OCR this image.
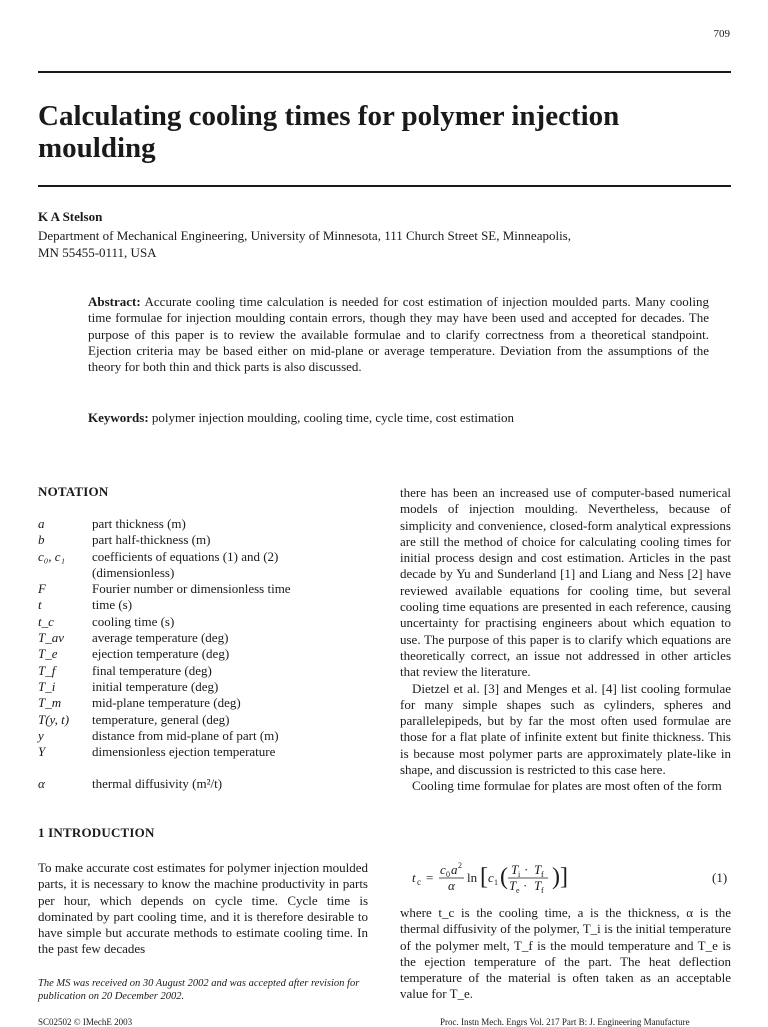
709
Calculating cooling times for polymer injection moulding
K A Stelson
Department of Mechanical Engineering, University of Minnesota, 111 Church Street SE, Minneapolis,
MN 55455-0111, USA
Abstract: Accurate cooling time calculation is needed for cost estimation of injection moulded parts. Many cooling time formulae for injection moulding contain errors, though they may have been used and accepted for decades. The purpose of this paper is to review the available formulae and to clarify correctness from a theoretical standpoint. Ejection criteria may be based either on mid-plane or average temperature. Deviation from the assumptions of the theory for both thin and thick parts is also discussed.
Keywords: polymer injection moulding, cooling time, cycle time, cost estimation
NOTATION
a	part thickness (m)
b	part half-thickness (m)
c₀, c₁	coefficients of equations (1) and (2)
(dimensionless)
F	Fourier number or dimensionless time
t	time (s)
t_c	cooling time (s)
T_av	average temperature (deg)
T_e	ejection temperature (deg)
T_f	final temperature (deg)
T_i	initial temperature (deg)
T_m	mid-plane temperature (deg)
T(y, t)	temperature, general (deg)
y	distance from mid-plane of part (m)
Y	dimensionless ejection temperature
α	thermal diffusivity (m²/t)
1 INTRODUCTION
To make accurate cost estimates for polymer injection moulded parts, it is necessary to know the machine productivity in parts per hour, which depends on cycle time. Cycle time is dominated by part cooling time, and it is therefore desirable to have simple but accurate methods to estimate cooling time. In the past few decades
The MS was received on 30 August 2002 and was accepted after revision for publication on 20 December 2002.

there has been an increased use of computer-based numerical models of injection moulding. Nevertheless, because of simplicity and convenience, closed-form analytical expressions are still the method of choice for calculating cooling times for initial process design and cost estimation. Articles in the past decade by Yu and Sunderland [1] and Liang and Ness [2] have reviewed available equations for cooling time, but several cooling time equations are presented in each reference, causing uncertainty for practising engineers about which equation to use. The purpose of this paper is to clarify which equations are theoretically correct, an issue not addressed in other articles that review the literature.

Dietzel et al. [3] and Menges et al. [4] list cooling formulae for many simple shapes such as cylinders, spheres and parallelepipeds, but by far the most often used formulae are those for a flat plate of infinite extent but finite thickness. This is because most polymer parts are approximately plate-like in shape, and discussion is restricted to this case here.

Cooling time formulae for plates are most often of the form

t c =
c 0 a 2
α
ln [ c 1 ( T i · T f
T e · T f
) ]	(1)
where t_c is the cooling time, a is the thickness, α is the thermal diffusivity of the polymer, T_i is the initial temperature of the polymer melt, T_f is the mould temperature and T_e is the ejection temperature of the part. The heat deflection temperature of the material is often taken as an acceptable value for T_e.
SC02502 © IMechE 2003	Proc. Instn Mech. Engrs Vol. 217 Part B: J. Engineering Manufacture
